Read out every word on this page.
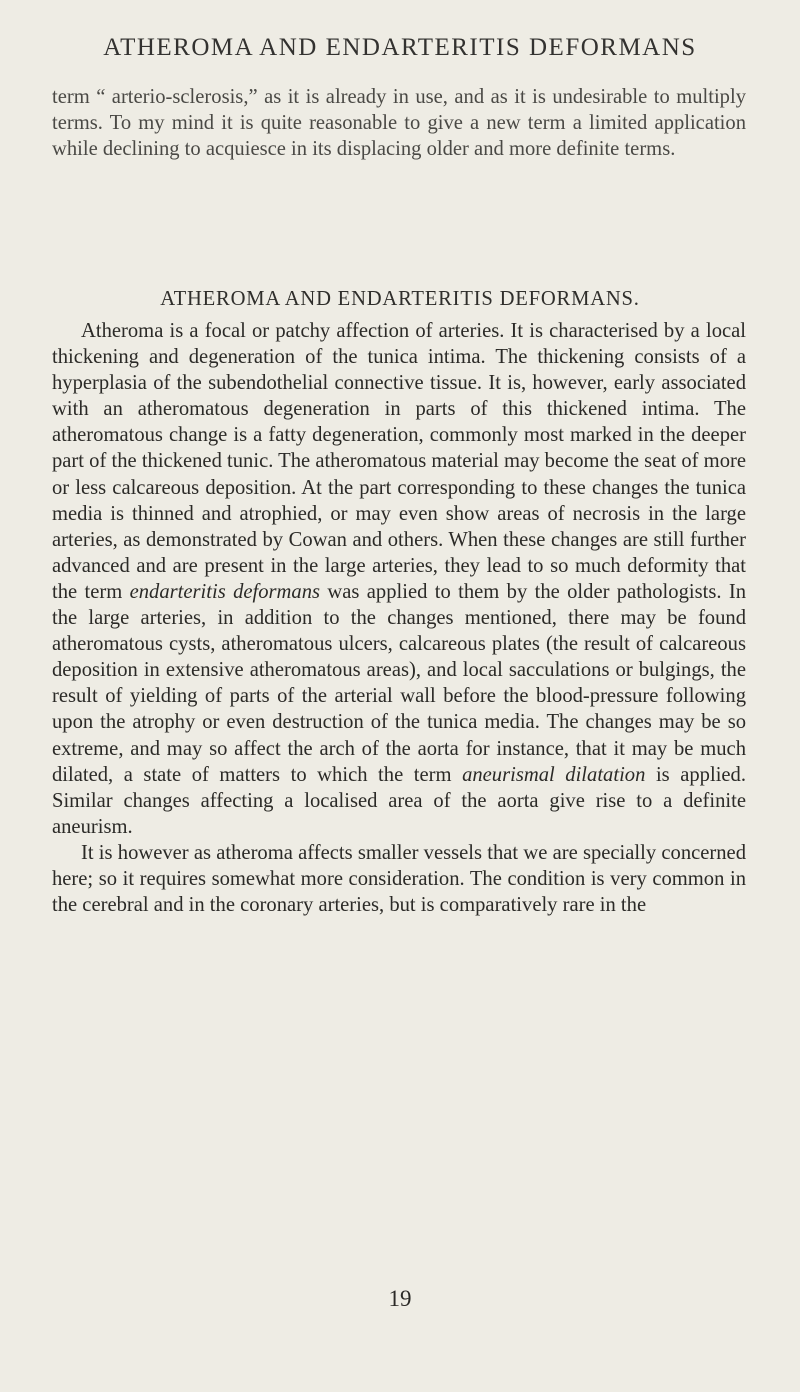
ATHEROMA AND ENDARTERITIS DEFORMANS

term “ arterio-sclerosis,” as it is already in use, and as it is undesirable to multiply terms. To my mind it is quite reasonable to give a new term a limited application while declining to acquiesce in its displacing older and more definite terms.

ATHEROMA AND ENDARTERITIS DEFORMANS.

Atheroma is a focal or patchy affection of arteries. It is characterised by a local thickening and degeneration of the tunica intima. The thickening consists of a hyperplasia of the subendothelial connective tissue. It is, however, early associated with an atheromatous degeneration in parts of this thickened intima. The atheromatous change is a fatty degeneration, commonly most marked in the deeper part of the thickened tunic. The atheromatous material may become the seat of more or less calcareous deposition. At the part corresponding to these changes the tunica media is thinned and atrophied, or may even show areas of necrosis in the large arteries, as demonstrated by Cowan and others. When these changes are still further advanced and are present in the large arteries, they lead to so much deformity that the term endarteritis deformans was applied to them by the older pathologists. In the large arteries, in addition to the changes mentioned, there may be found atheromatous cysts, atheromatous ulcers, calcareous plates (the result of calcareous deposition in extensive atheromatous areas), and local sacculations or bulgings, the result of yielding of parts of the arterial wall before the blood-pressure following upon the atrophy or even destruction of the tunica media. The changes may be so extreme, and may so affect the arch of the aorta for instance, that it may be much dilated, a state of matters to which the term aneurismal dilatation is applied. Similar changes affecting a localised area of the aorta give rise to a definite aneurism.

It is however as atheroma affects smaller vessels that we are specially concerned here; so it requires somewhat more consideration. The condition is very common in the cerebral and in the coronary arteries, but is comparatively rare in the

19
